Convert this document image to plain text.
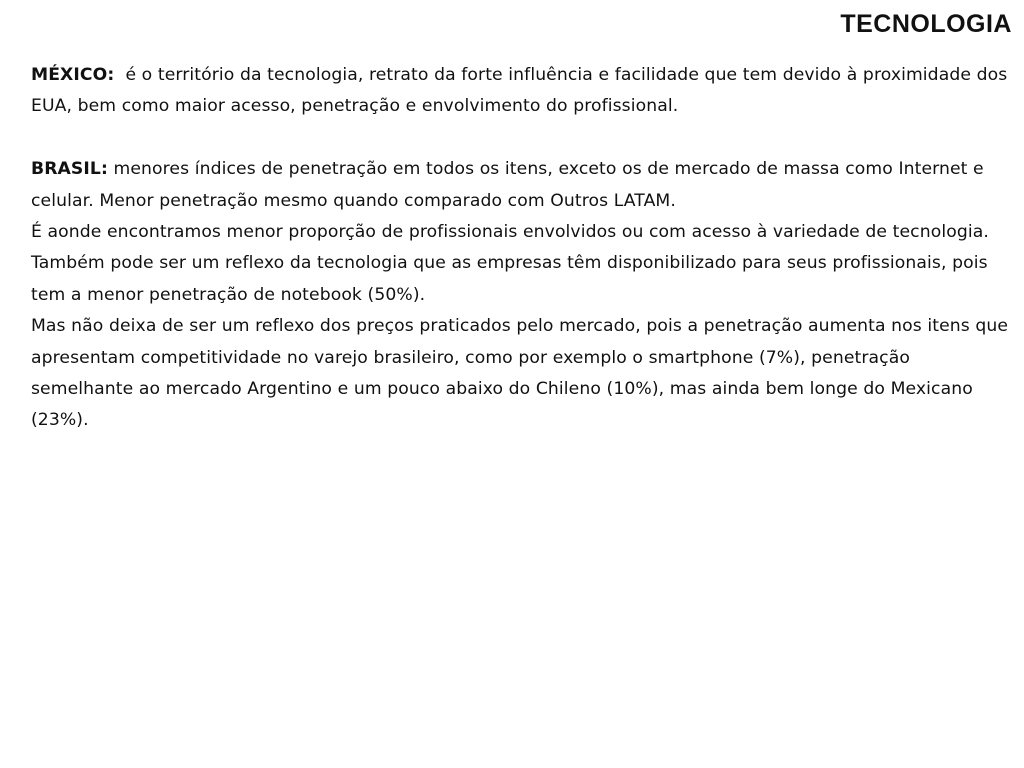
TECNOLOGIA

MÉXICO: é o território da tecnologia, retrato da forte influência e facilidade que tem devido à proximidade dos EUA, bem como maior acesso, penetração e envolvimento do profissional.

BRASIL: menores índices de penetração em todos os itens, exceto os de mercado de massa como Internet e celular. Menor penetração mesmo quando comparado com Outros LATAM.

É aonde encontramos menor proporção de profissionais envolvidos ou com acesso à variedade de tecnologia.

Também pode ser um reflexo da tecnologia que as empresas têm disponibilizado para seus profissionais, pois tem a menor penetração de notebook (50%).

Mas não deixa de ser um reflexo dos preços praticados pelo mercado, pois a penetração aumenta nos itens que apresentam competitividade no varejo brasileiro, como por exemplo o smartphone (7%), penetração semelhante ao mercado Argentino e um pouco abaixo do Chileno (10%), mas ainda bem longe do Mexicano (23%).
